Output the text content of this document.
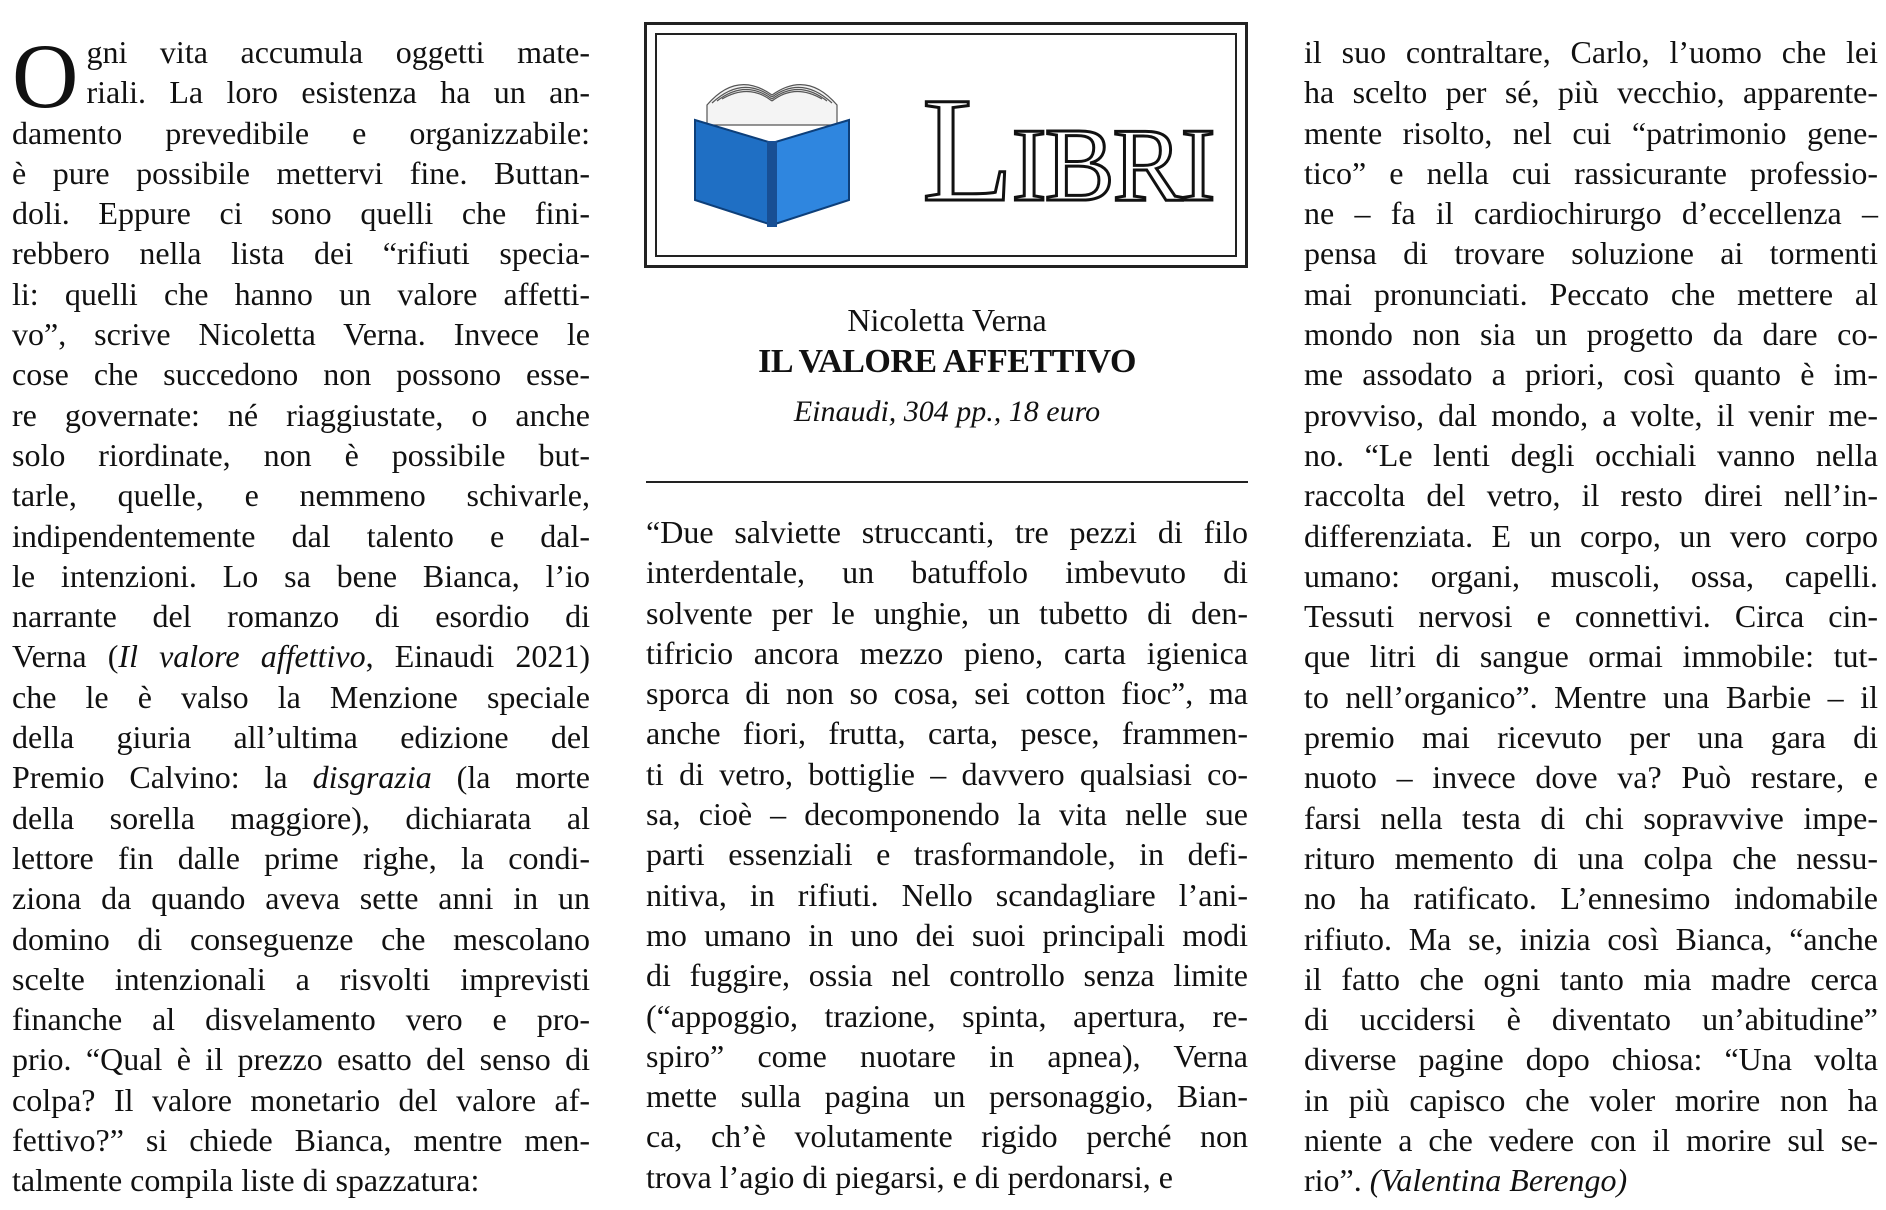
Libri
Nicoletta Verna
IL VALORE AFFETTIVO
Einaudi, 304 pp., 18 euro
O gni vita accumula oggetti mate-
riali. La loro esistenza ha un an-
damento prevedibile e organizzabile:
è pure possibile mettervi fine. Buttan-
doli. Eppure ci sono quelli che fini-
rebbero nella lista dei “rifiuti specia-
li: quelli che hanno un valore affetti-
vo”, scrive Nicoletta Verna. Invece le
cose che succedono non possono esse-
re governate: né riaggiustate, o anche
solo riordinate, non è possibile but-
tarle, quelle, e nemmeno schivarle,
indipendentemente dal talento e dal-
le intenzioni. Lo sa bene Bianca, l’io
narrante del romanzo di esordio di
Verna (Il valore affettivo, Einaudi 2021)
che le è valso la Menzione speciale
della giuria all’ultima edizione del
Premio Calvino: la disgrazia (la morte
della sorella maggiore), dichiarata al
lettore fin dalle prime righe, la condi-
ziona da quando aveva sette anni in un
domino di conseguenze che mescolano
scelte intenzionali a risvolti imprevisti
finanche al disvelamento vero e pro-
prio. “Qual è il prezzo esatto del senso di
colpa? Il valore monetario del valore af-
fettivo?” si chiede Bianca, mentre men-
talmente compila liste di spazzatura:
“Due salviette struccanti, tre pezzi di filo
interdentale, un batuffolo imbevuto di
solvente per le unghie, un tubetto di den-
tifricio ancora mezzo pieno, carta igienica
sporca di non so cosa, sei cotton fioc”, ma
anche fiori, frutta, carta, pesce, frammen-
ti di vetro, bottiglie – davvero qualsiasi co-
sa, cioè – decomponendo la vita nelle sue
parti essenziali e trasformandole, in defi-
nitiva, in rifiuti. Nello scandagliare l’ani-
mo umano in uno dei suoi principali modi
di fuggire, ossia nel controllo senza limite
(“appoggio, trazione, spinta, apertura, re-
spiro” come nuotare in apnea), Verna
mette sulla pagina un personaggio, Bian-
ca, ch’è volutamente rigido perché non
trova l’agio di piegarsi, e di perdonarsi, e
il suo contraltare, Carlo, l’uomo che lei
ha scelto per sé, più vecchio, apparente-
mente risolto, nel cui “patrimonio gene-
tico” e nella cui rassicurante professio-
ne – fa il cardiochirurgo d’eccellenza –
pensa di trovare soluzione ai tormenti
mai pronunciati. Peccato che mettere al
mondo non sia un progetto da dare co-
me assodato a priori, così quanto è im-
provviso, dal mondo, a volte, il venir me-
no. “Le lenti degli occhiali vanno nella
raccolta del vetro, il resto direi nell’in-
differenziata. E un corpo, un vero corpo
umano: organi, muscoli, ossa, capelli.
Tessuti nervosi e connettivi. Circa cin-
que litri di sangue ormai immobile: tut-
to nell’organico”. Mentre una Barbie – il
premio mai ricevuto per una gara di
nuoto – invece dove va? Può restare, e
farsi nella testa di chi sopravvive impe-
rituro memento di una colpa che nessu-
no ha ratificato. L’ennesimo indomabile
rifiuto. Ma se, inizia così Bianca, “anche
il fatto che ogni tanto mia madre cerca
di uccidersi è diventato un’abitudine”
diverse pagine dopo chiosa: “Una volta
in più capisco che voler morire non ha
niente a che vedere con il morire sul se-
rio”. (Valentina Berengo)
